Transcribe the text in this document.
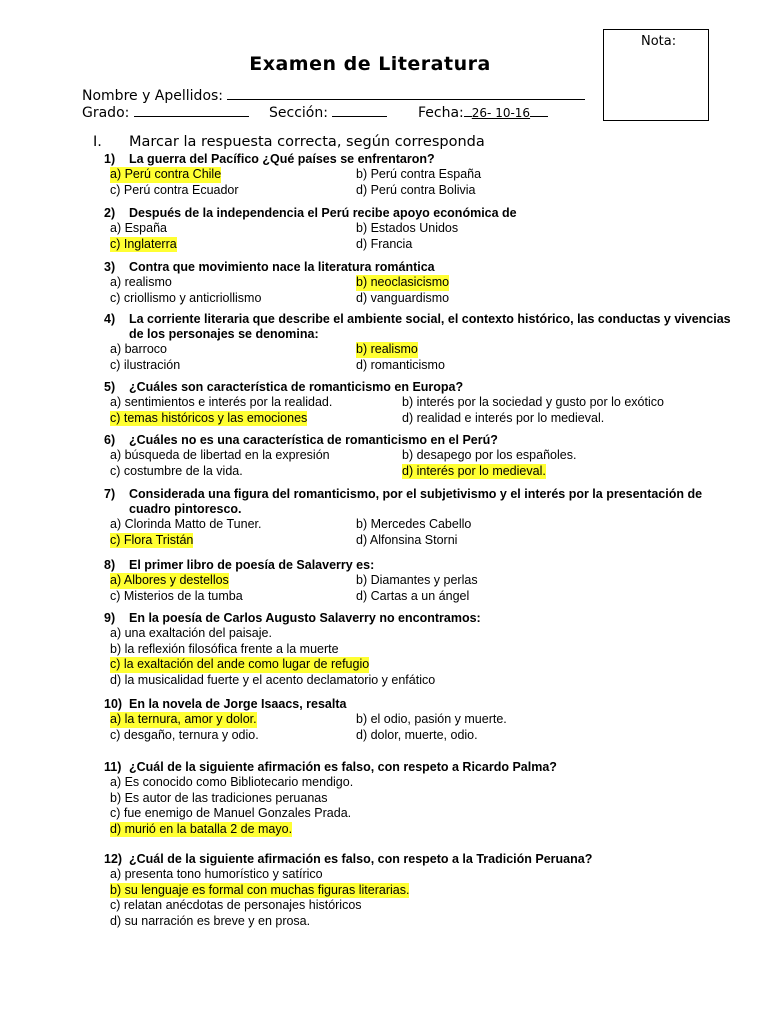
Nota:
Examen de Literatura
Nombre y Apellidos:
Grado:	Sección:	Fecha: 26- 10-16
I. Marcar la respuesta correcta, según corresponda
1)	La guerra del Pacífico ¿Qué países se enfrentaron?
a) Perú contra Chile	b) Perú contra España
c) Perú contra Ecuador	d) Perú contra Bolivia
2)	Después de la independencia el Perú recibe apoyo económica de
a) España	b) Estados Unidos
c) Inglaterra	d) Francia
3)	Contra que movimiento nace la literatura romántica
a) realismo	b) neoclasicismo
c) criollismo y anticriollismo	d) vanguardismo
4)	La corriente literaria que describe el ambiente social, el contexto histórico, las conductas y vivencias de los personajes se denomina:
a) barroco	b) realismo
c) ilustración	d) romanticismo
5)	¿Cuáles son característica de romanticismo en Europa?
a) sentimientos e interés por la realidad.	b) interés por la sociedad y gusto por lo exótico
c) temas históricos y las emociones	d) realidad e interés por lo medieval.
6)	¿Cuáles no es una característica de romanticismo en el Perú?
a) búsqueda de libertad en la expresión	b) desapego por los españoles.
c) costumbre de la vida.	d) interés por lo medieval.
7)	Considerada una figura del romanticismo, por el subjetivismo y el interés por la presentación de cuadro pintoresco.
a) Clorinda Matto de Tuner.	b) Mercedes Cabello
c) Flora Tristán	d) Alfonsina Storni
8)	El primer libro de poesía de Salaverry es:
a) Albores y destellos	b) Diamantes y perlas
c) Misterios de la tumba	d) Cartas a un ángel
9)	En la poesía de Carlos Augusto Salaverry no encontramos:
a) una exaltación del paisaje.
b) la reflexión filosófica frente a la muerte
c) la exaltación del ande como lugar de refugio
d) la musicalidad fuerte y el acento declamatorio y enfático
10) En la novela de Jorge Isaacs, resalta
a) la ternura, amor y dolor.	b) el odio, pasión y muerte.
c) desgaño, ternura y odio.	d) dolor, muerte, odio.
11) ¿Cuál de la siguiente afirmación es falso, con respeto a Ricardo Palma?
a) Es conocido como Bibliotecario mendigo.
b) Es autor de las tradiciones peruanas
c) fue enemigo de Manuel Gonzales Prada.
d) murió en la batalla 2 de mayo.
12) ¿Cuál de la siguiente afirmación es falso, con respeto a la Tradición Peruana?
a) presenta tono humorístico y satírico
b) su lenguaje es formal con muchas figuras literarias.
c) relatan anécdotas de personajes históricos
d) su narración es breve y en prosa.
